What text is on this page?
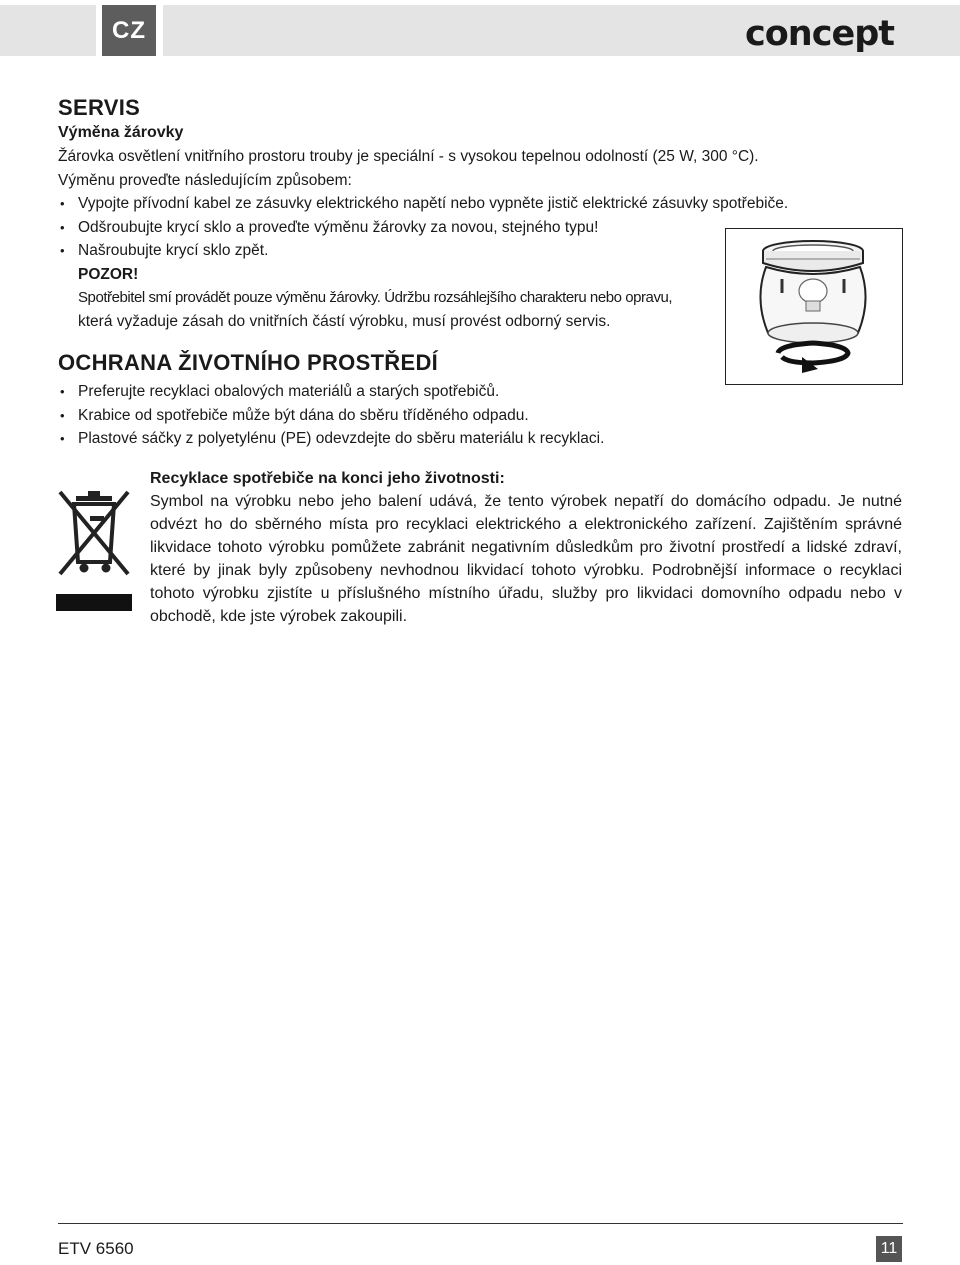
CZ	concept
SERVIS
Výměna žárovky

Žárovka osvětlení vnitřního prostoru trouby je speciální - s vysokou tepelnou odolností (25 W, 300 °C).

Výměnu proveďte následujícím způsobem:

• Vypojte přívodní kabel ze zásuvky elektrického napětí nebo vypněte jistič elektrické zásuvky spotřebiče.
• Odšroubujte krycí sklo a proveďte výměnu žárovky za novou, stejného typu!
• Našroubujte krycí sklo zpět.
POZOR!
Spotřebitel smí provádět pouze výměnu žárovky. Údržbu rozsáhlejšího charakteru nebo opravu,
která vyžaduje zásah do vnitřních částí výrobku, musí provést odborný servis.
OCHRANA ŽIVOTNÍHO PROSTŘEDÍ
• Preferujte recyklaci obalových materiálů a starých spotřebičů.
• Krabice od spotřebiče může být dána do sběru tříděného odpadu.
• Plastové sáčky z polyetylénu (PE) odevzdejte do sběru materiálu k recyklaci.
Recyklace spotřebiče na konci jeho životnosti:

Symbol na výrobku nebo jeho balení udává, že tento výrobek nepatří do domácího odpadu. Je nutné odvézt ho do sběrného místa pro recyklaci elektrického a elektronického zařízení. Zajištěním správné likvidace tohoto výrobku pomůžete zabránit negativním důsledkům pro životní prostředí a lidské zdraví, které by jinak byly způsobeny nevhodnou likvidací tohoto výrobku. Podrobnější informace o recyklaci tohoto výrobku zjistíte u příslušného místního úřadu, služby pro likvidaci domovního odpadu nebo v obchodě, kde jste výrobek zakoupili.

ETV 6560	11
